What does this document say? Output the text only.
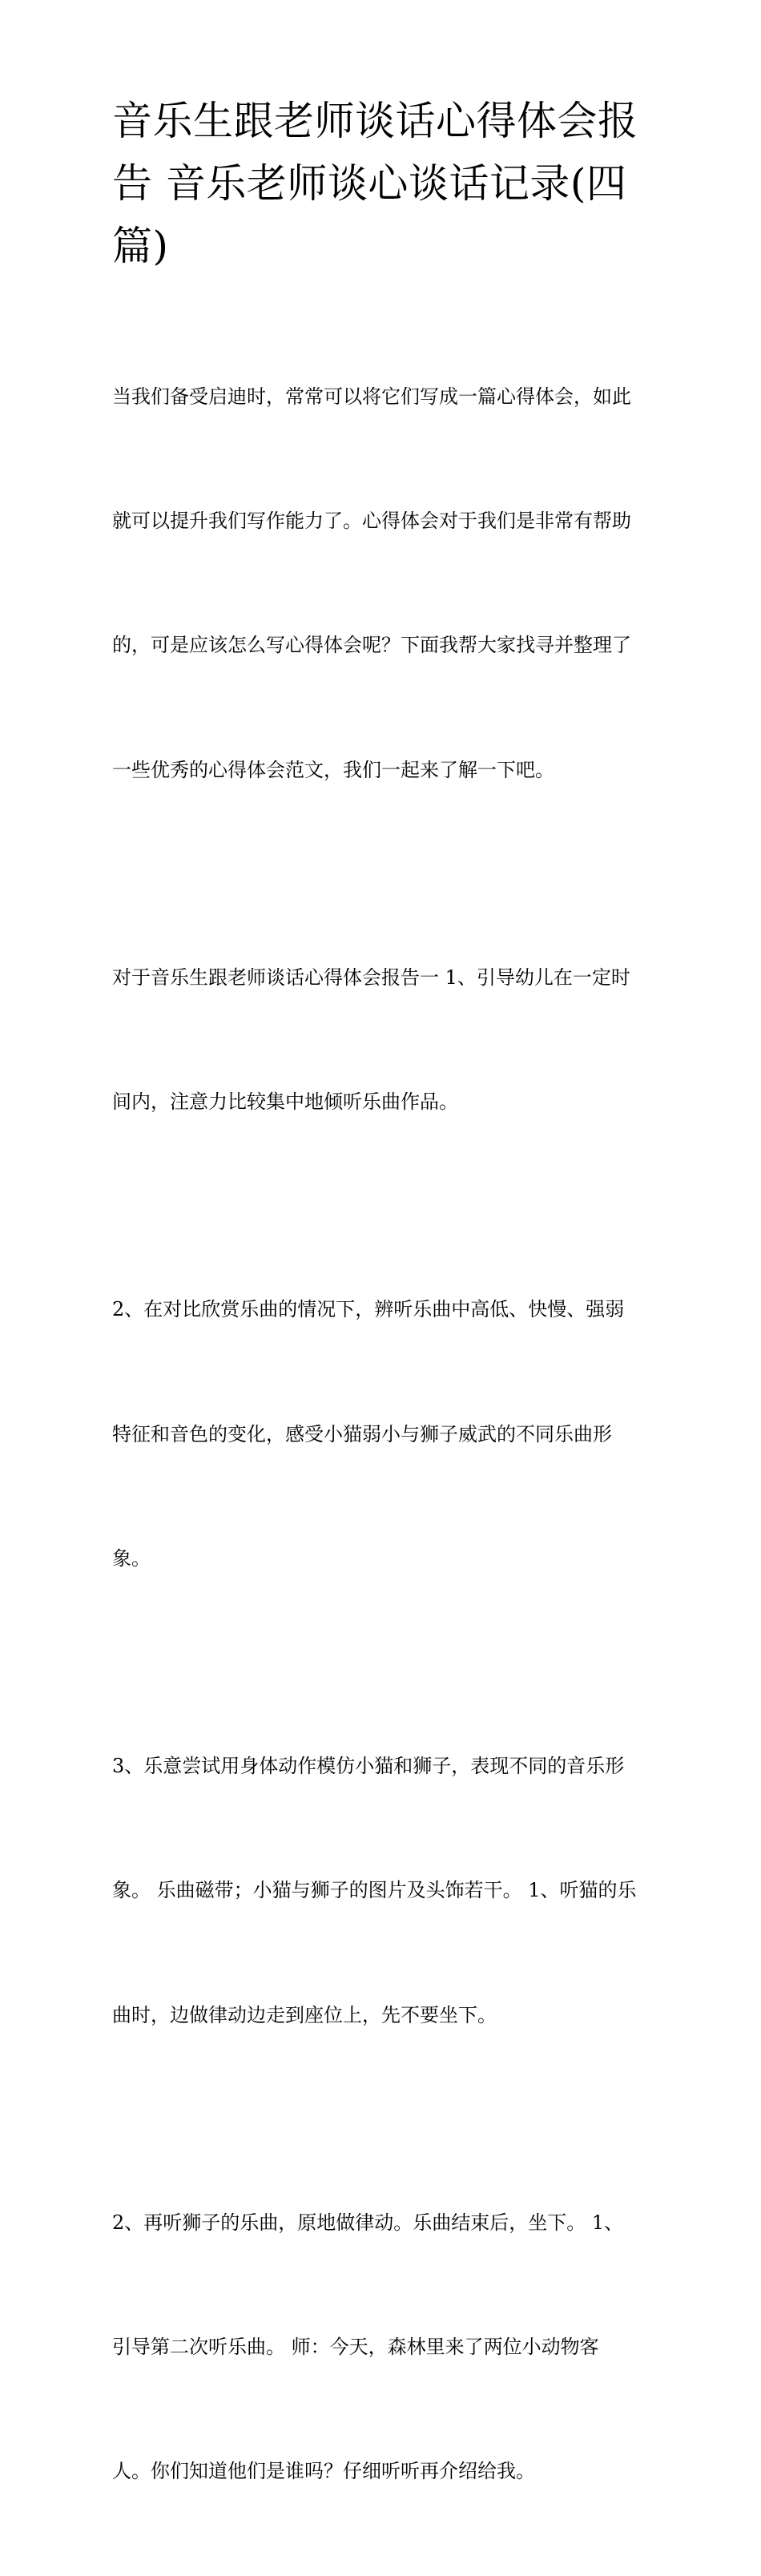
音乐生跟老师谈话心得体会报
告 音乐老师谈心谈话记录(四
篇)

当我们备受启迪时，常常可以将它们写成一篇心得体会，如此

就可以提升我们写作能力了。心得体会对于我们是非常有帮助

的，可是应该怎么写心得体会呢？下面我帮大家找寻并整理了

一些优秀的心得体会范文，我们一起来了解一下吧。

对于音乐生跟老师谈话心得体会报告一 1、引导幼儿在一定时

间内，注意力比较集中地倾听乐曲作品。

2、在对比欣赏乐曲的情况下，辨听乐曲中高低、快慢、强弱

特征和音色的变化，感受小猫弱小与狮子威武的不同乐曲形

象。

3、乐意尝试用身体动作模仿小猫和狮子，表现不同的音乐形

象。 乐曲磁带；小猫与狮子的图片及头饰若干。 1、听猫的乐

曲时，边做律动边走到座位上，先不要坐下。

2、再听狮子的乐曲，原地做律动。乐曲结束后，坐下。 1、

引导第二次听乐曲。 师：今天，森林里来了两位小动物客

人。你们知道他们是谁吗？仔细听听再介绍给我。
